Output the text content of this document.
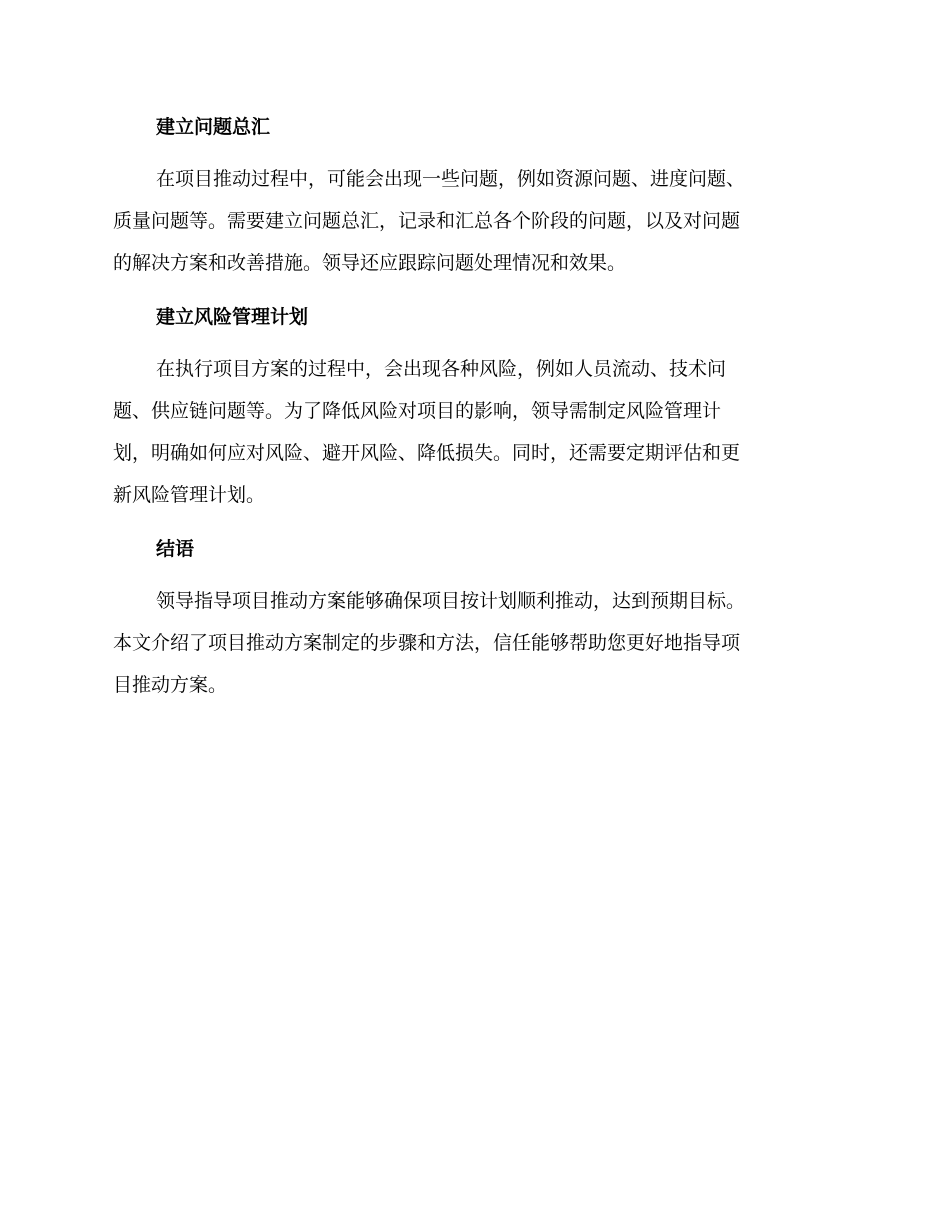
建立问题总汇

在项目推动过程中，可能会出现一些问题，例如资源问题、进度问题、
质量问题等。需要建立问题总汇，记录和汇总各个阶段的问题，以及对问题
的解决方案和改善措施。领导还应跟踪问题处理情况和效果。

建立风险管理计划

在执行项目方案的过程中，会出现各种风险，例如人员流动、技术问
题、供应链问题等。为了降低风险对项目的影响，领导需制定风险管理计
划，明确如何应对风险、避开风险、降低损失。同时，还需要定期评估和更
新风险管理计划。

结语

领导指导项目推动方案能够确保项目按计划顺利推动，达到预期目标。
本文介绍了项目推动方案制定的步骤和方法，信任能够帮助您更好地指导项
目推动方案。
